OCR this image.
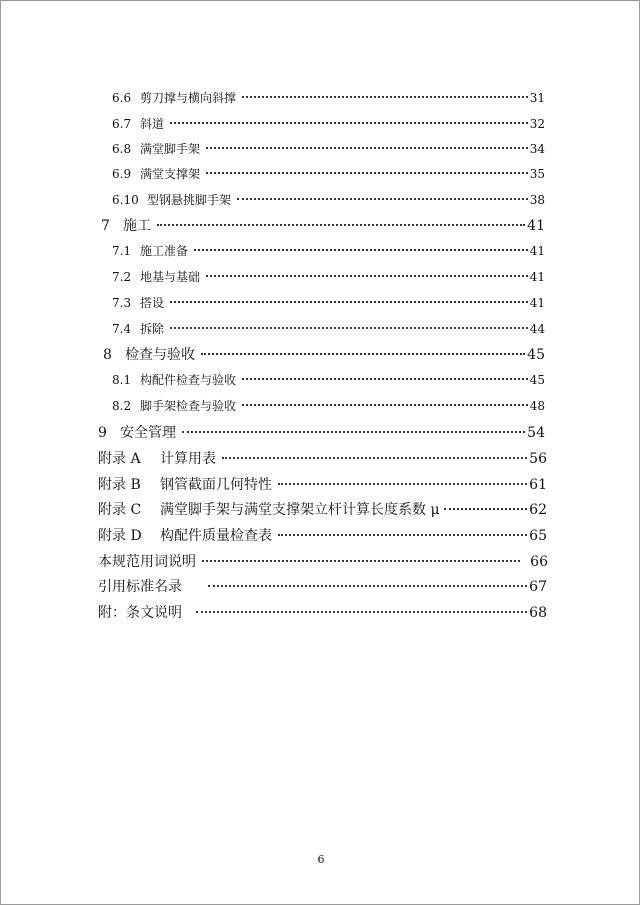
6.6 剪刀撑与横向斜撑	31
6.7 斜道	32
6.8 满堂脚手架	34
6.9 满堂支撑架	35
6.10 型钢悬挑脚手架	38
7 施工	41
7.1 施工准备	41
7.2 地基与基础	41
7.3 搭设	41
7.4 拆除	44
8 检查与验收	45
8.1 构配件检查与验收	45
8.2 脚手架检查与验收	48
9 安全管理	54
附录 A	计算用表	56
附录 B	钢管截面几何特性	61
附录 C	满堂脚手架与满堂支撑架立杆计算长度系数 μ	62
附录 D	构配件质量检查表	65
本规范用词说明	66
引用标准名录	67
附：条文说明	68
6
